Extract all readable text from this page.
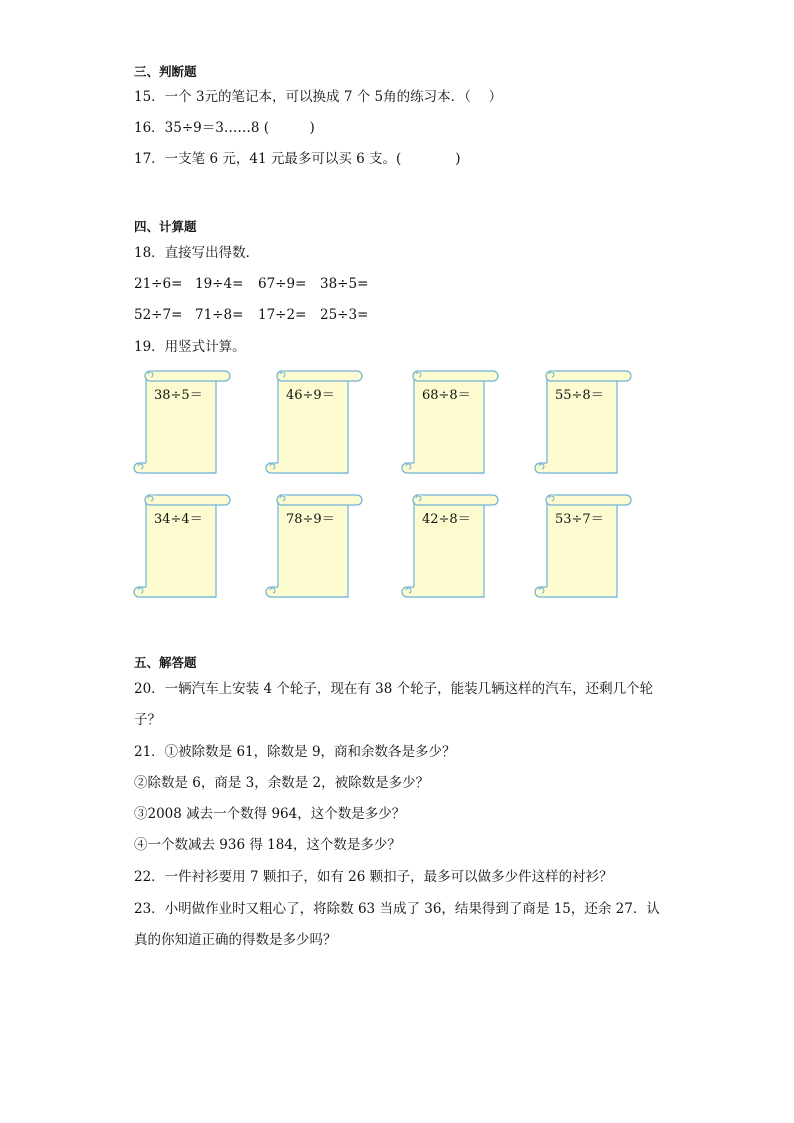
三、判断题
15．一个 3元的笔记本，可以换成 7 个 5角的练习本．（　 ）
16．35÷9＝3……8 (　　　)
17．一支笔 6 元，41 元最多可以买 6 支。(　　　　)
四、计算题
18．直接写出得数．
21÷6= 19÷4= 67÷9= 38÷5=
52÷7= 71÷8= 17÷2= 25÷3=
19．用竖式计算。
38÷5＝	46÷9＝	68÷8＝	55÷8＝
34÷4＝	78÷9＝	42÷8＝	53÷7＝
五、解答题
20．一辆汽车上安装 4 个轮子，现在有 38 个轮子，能装几辆这样的汽车，还剩几个轮
子？
21．①被除数是 61，除数是 9，商和余数各是多少？
②除数是 6，商是 3，余数是 2，被除数是多少？
③2008 减去一个数得 964，这个数是多少？
④一个数减去 936 得 184，这个数是多少？
22．一件衬衫要用 7 颗扣子，如有 26 颗扣子，最多可以做多少件这样的衬衫？
23．小明做作业时又粗心了，将除数 63 当成了 36，结果得到了商是 15，还余 27．认
真的你知道正确的得数是多少吗？
